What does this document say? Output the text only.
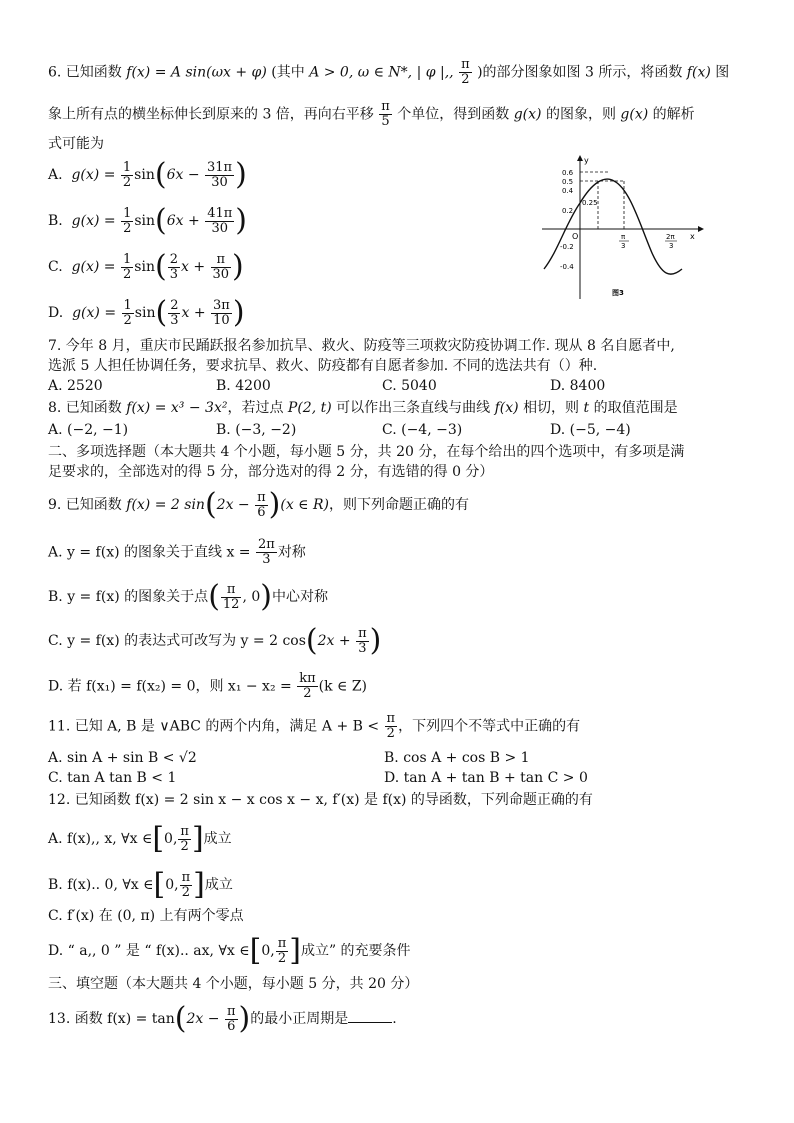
6. 已知函数 f(x) = A sin(ωx + φ) (其中 A > 0, ω ∈ N*, | φ |,, $\frac{\pi}{2}$ )的部分图象如图 3 所示，将函数 f(x) 图
象上所有点的横坐标伸长到原来的 3 倍，再向右平移 $\frac{\pi}{5}$ 个单位，得到函数 g(x) 的图象，则 g(x) 的解析
式可能为
A. $g(x) = \frac{1}{2} \sin(6x - \frac{31\pi}{30}$ )
B. $g(x) = \frac{1}{2} \sin(6x + \frac{41\pi}{30}$ )
C. $g(x) = \frac{1}{2} \sin( \frac{2}{3}$ $x + \frac{\pi}{30}$ )
D. $g(x) = \frac{1}{2} \sin( \frac{2}{3}$ $x + \frac{3\pi}{10}$ )
y
x
O
0.6
0.5
0.4
0.2
0.25
-0.2
-0.4
π
3
2π
3
图3
7. 今年 8 月，重庆市民踊跃报名参加抗旱、救火、防疫等三项救灾防疫协调工作. 现从 8 名自愿者中,
选派 5 人担任协调任务，要求抗旱、救火、防疫都有自愿者参加. 不同的选法共有（）种.
A. 2520	B. 4200	C. 5040	D. 8400
8. 已知函数 f(x) = x³ − 3x²，若过点 P(2, t) 可以作出三条直线与曲线 f(x) 相切，则 t 的取值范围是
A. (−2, −1)	B. (−3, −2)	C. (−4, −3)	D. (−5, −4)
二、多项选择题（本大题共 4 个小题，每小题 5 分，共 20 分，在每个给出的四个选项中，有多项是满
足要求的，全部选对的得 5 分，部分选对的得 2 分，有选错的得 0 分）
9. 已知函数 f(x) = 2 $\sin(2x - \frac{\pi}{6} )(x$ ∈ R)，则下列命题正确的有
A. y = f(x) 的图象关于直线 $x = \frac{2\pi}{3}$ 对称
B. y = f(x) 的图象关于点( $\frac{\pi}{12}$ , 0)中心对称
C. y = f(x) 的表达式可改写为 y = 2 $\cos(2x + \frac{\pi}{3}$ )
D. 若 f(x₁) = f(x₂) = 0，则 $x_1 - x_2 = \frac{k\pi}{2} (k$ ∈ Z)
11. 已知 A, B 是 ∨ABC 的两个内角，满足 $A + B < \frac{\pi}{2}$ ，下列四个不等式中正确的有
A. sin A + sin B < √2	B. cos A + cos B > 1
C. tan A tan B < 1	D. tan A + tan B + tan C > 0
12. 已知函数 f(x) = 2 sin x − x cos x − x, f′(x) 是 f(x) 的导函数，下列命题正确的有
A. f(x),, x, ∀x ∈[0, $\frac{\pi}{2}$ ]成立
B. f(x).. 0, ∀x ∈[0, $\frac{\pi}{2}$ ]成立
C. f′(x) 在 (0, π) 上有两个零点
D. “ a,, 0 ” 是 “ f(x).. ax, ∀x ∈[0, $\frac{\pi}{2}$ ]成立” 的充要条件
三、填空题（本大题共 4 个小题，每小题 5 分，共 20 分）
13. 函数 $f(x) = \tan(2x - \frac{\pi}{6}$ )的最小正周期是	.
